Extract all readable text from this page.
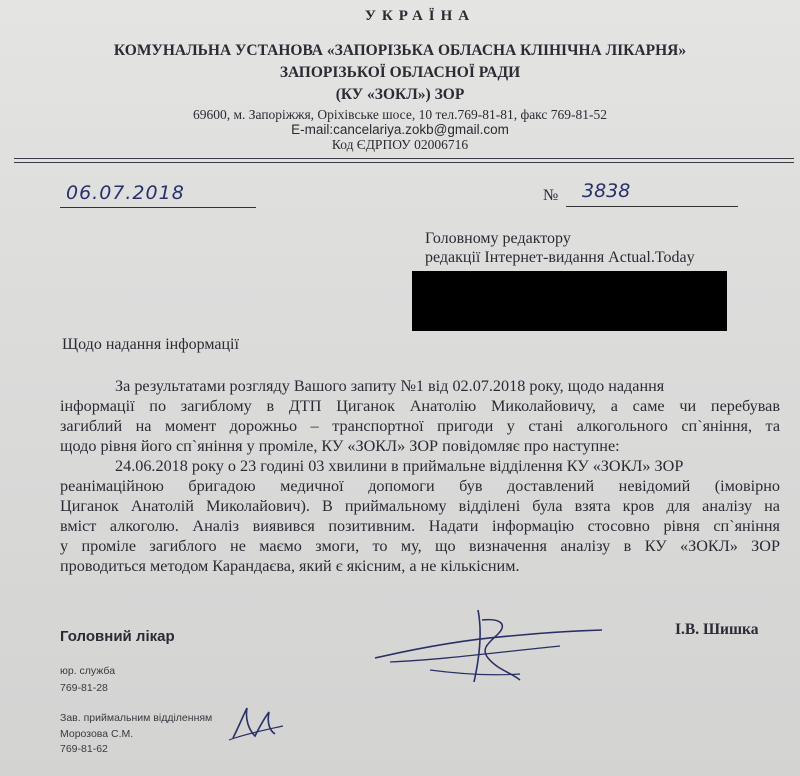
УКРАЇНА
КОМУНАЛЬНА УСТАНОВА «ЗАПОРІЗЬКА ОБЛАСНА КЛІНІЧНА ЛІКАРНЯ»
ЗАПОРІЗЬКОЇ ОБЛАСНОЇ РАДИ
(КУ «ЗОКЛ») ЗОР
69600, м. Запоріжжя, Оріхівське шосе, 10 тел.769-81-81, факс 769-81-52
E-mail:cancelariya.zokb@gmail.com
Код ЄДРПОУ 02006716
06.07.2018	№ 3838
Головному редактору
редакції Інтернет-видання Actual.Today
Щодо надання інформації
За результатами розгляду Вашого запиту №1 від 02.07.2018 року, щодо надання
інформації по загиблому в ДТП Циганок Анатолію Миколайовичу, а саме чи перебував
загиблий на момент дорожньо – транспортної пригоди у стані алкогольного сп`яніння, та
щодо рівня його сп`яніння у проміле, КУ «ЗОКЛ» ЗОР повідомляє про наступне:
24.06.2018 року о 23 годині 03 хвилини в приймальне відділення КУ «ЗОКЛ» ЗОР
реанімаційною бригадою медичної допомоги був доставлений невідомий (імовірно
Циганок Анатолій Миколайович). В приймальному відділені була взята кров для аналізу на
вміст алкоголю. Аналіз виявився позитивним. Надати інформацію стосовно рівня сп`яніння
у проміле загиблого не маємо змоги, то му, що визначення аналізу в КУ «ЗОКЛ» ЗОР
проводиться методом Карандаєва, який є якісним, а не кількісним.
Головний лікар	І.В. Шишка
юр. служба
769-81-28
Зав. приймальним відділенням
Морозова С.М.
769-81-62
